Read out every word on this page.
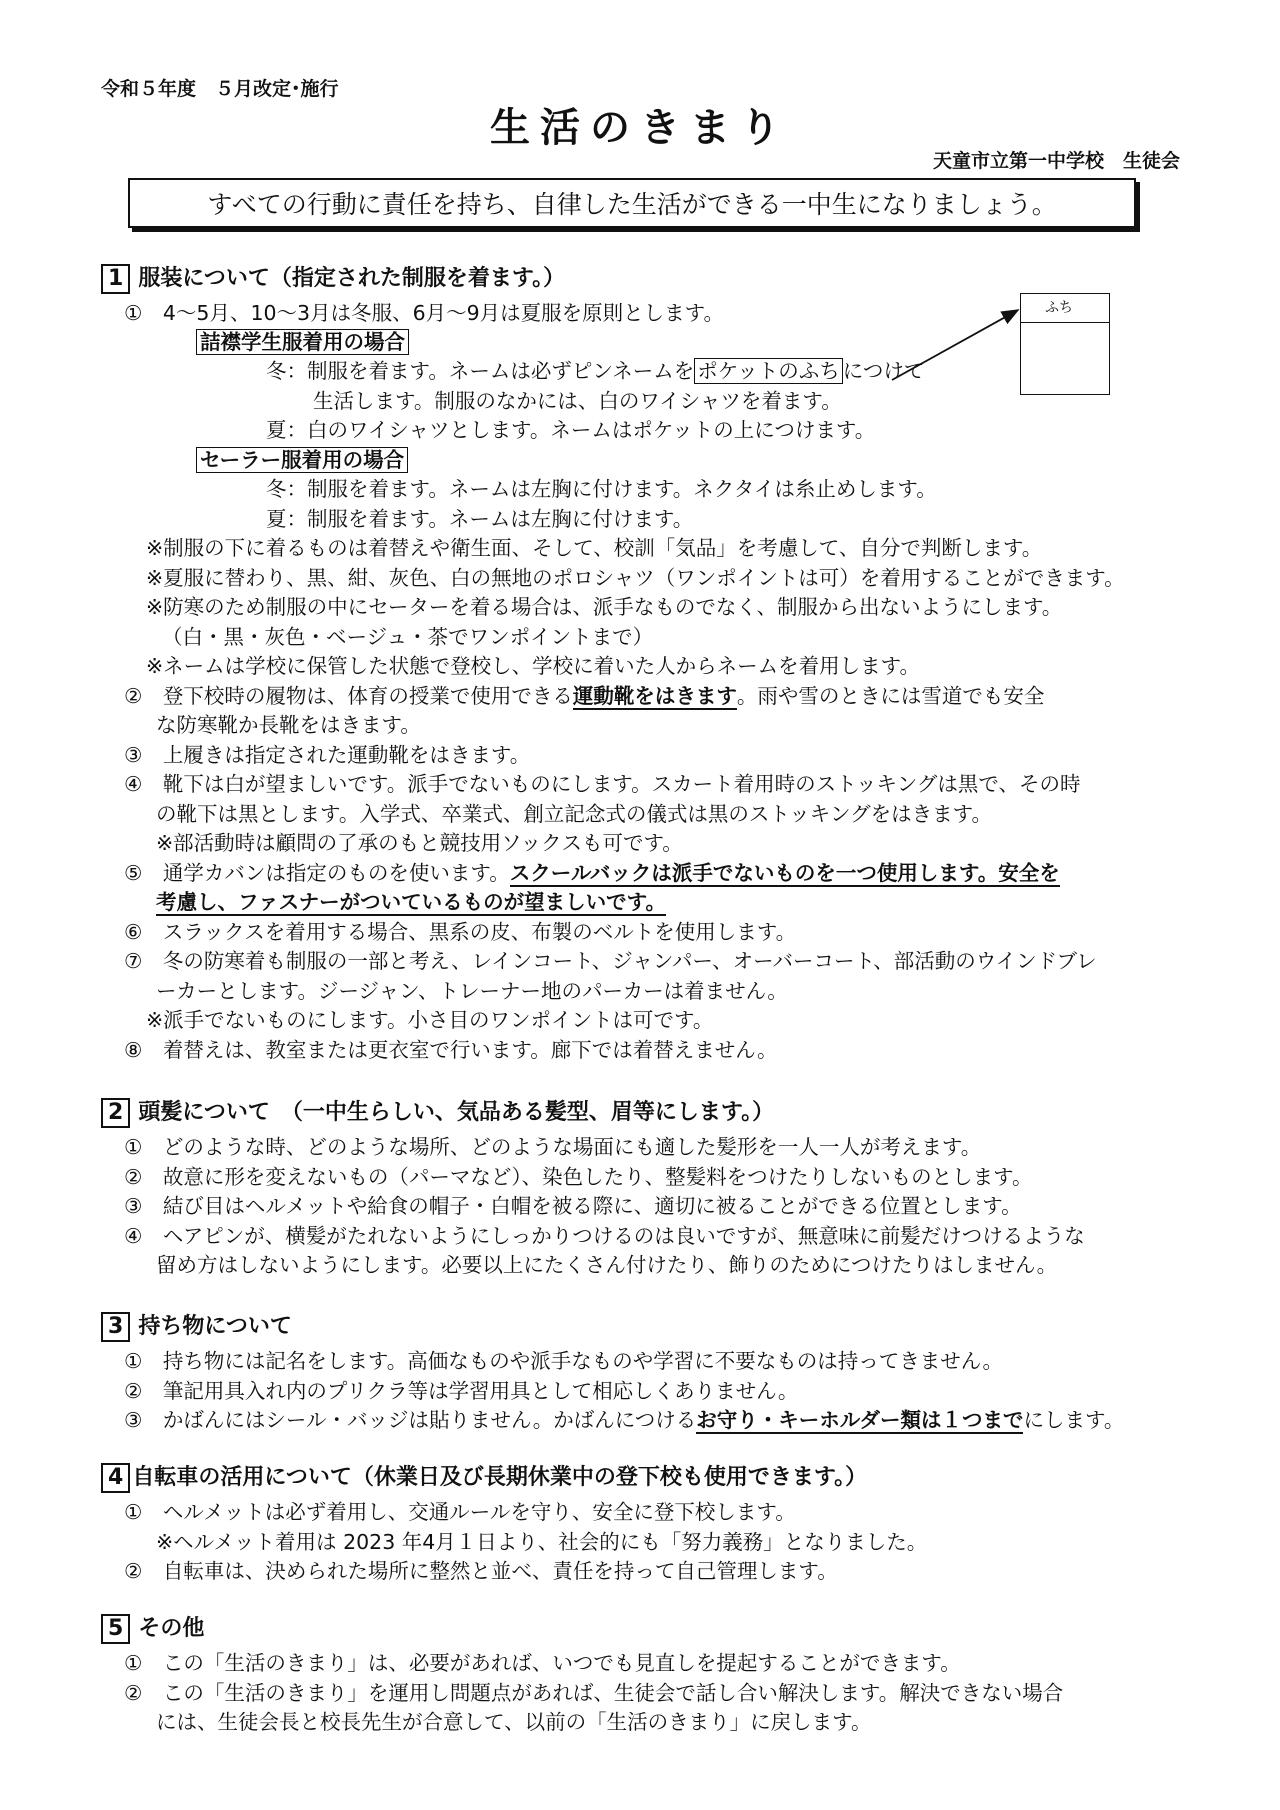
令和５年度　５月改定･施行
生活のきまり
天童市立第一中学校　生徒会
すべての行動に責任を持ち、自律した生活ができる一中生になりましょう。
ふち
1 服装について（指定された制服を着ます。）
①　4～5月、10～3月は冬服、6月～9月は夏服を原則とします。
詰襟学生服着用の場合
冬：制服を着ます。ネームは必ずピンネームを ポケットのふち につけて
生活します。制服のなかには、白のワイシャツを着ます。
夏：白のワイシャツとします。ネームはポケットの上につけます。
セーラー服着用の場合
冬：制服を着ます。ネームは左胸に付けます。ネクタイは糸止めします。
夏：制服を着ます。ネームは左胸に付けます。
※制服の下に着るものは着替えや衛生面、そして、校訓「気品」を考慮して、自分で判断します。
※夏服に替わり、黒、紺、灰色、白の無地のポロシャツ（ワンポイントは可）を着用することができます。
※防寒のため制服の中にセーターを着る場合は、派手なものでなく、制服から出ないようにします。
（白・黒・灰色・ベージュ・茶でワンポイントまで）
※ネームは学校に保管した状態で登校し、学校に着いた人からネームを着用します。
②　登下校時の履物は、体育の授業で使用できる運動靴をはきます。雨や雪のときには雪道でも安全
な防寒靴か長靴をはきます。
③　上履きは指定された運動靴をはきます。
④　靴下は白が望ましいです。派手でないものにします。スカート着用時のストッキングは黒で、その時
の靴下は黒とします。入学式、卒業式、創立記念式の儀式は黒のストッキングをはきます。
※部活動時は顧問の了承のもと競技用ソックスも可です。
⑤　通学カバンは指定のものを使います。スクールバックは派手でないものを一つ使用します。安全を
考慮し、ファスナーがついているものが望ましいです。
⑥　スラックスを着用する場合、黒系の皮、布製のベルトを使用します。
⑦　冬の防寒着も制服の一部と考え、レインコート、ジャンパー、オーバーコート、部活動のウインドブレ
ーカーとします。ジージャン、トレーナー地のパーカーは着ません。
※派手でないものにします。小さ目のワンポイントは可です。
⑧　着替えは、教室または更衣室で行います。廊下では着替えません。
2 頭髪について　（一中生らしい、気品ある髪型、眉等にします。）
①　どのような時、どのような場所、どのような場面にも適した髪形を一人一人が考えます。
②　故意に形を変えないもの（パーマなど）、染色したり、整髪料をつけたりしないものとします。
③　結び目はヘルメットや給食の帽子・白帽を被る際に、適切に被ることができる位置とします。
④　ヘアピンが、横髪がたれないようにしっかりつけるのは良いですが、無意味に前髪だけつけるような
留め方はしないようにします。必要以上にたくさん付けたり、飾りのためにつけたりはしません。
3 持ち物について
①　持ち物には記名をします。高価なものや派手なものや学習に不要なものは持ってきません。
②　筆記用具入れ内のプリクラ等は学習用具として相応しくありません。
③　かばんにはシール・バッジは貼りません。かばんにつけるお守り・キーホルダー類は１つまでにします。
4 自転車の活用について（休業日及び長期休業中の登下校も使用できます。）
①　ヘルメットは必ず着用し、交通ルールを守り、安全に登下校します。
※ヘルメット着用は 2023 年4月１日より、社会的にも「努力義務」となりました。
②　自転車は、決められた場所に整然と並べ、責任を持って自己管理します。
5 その他
①　この「生活のきまり」は、必要があれば、いつでも見直しを提起することができます。
②　この「生活のきまり」を運用し問題点があれば、生徒会で話し合い解決します。解決できない場合
には、生徒会長と校長先生が合意して、以前の「生活のきまり」に戻します。
